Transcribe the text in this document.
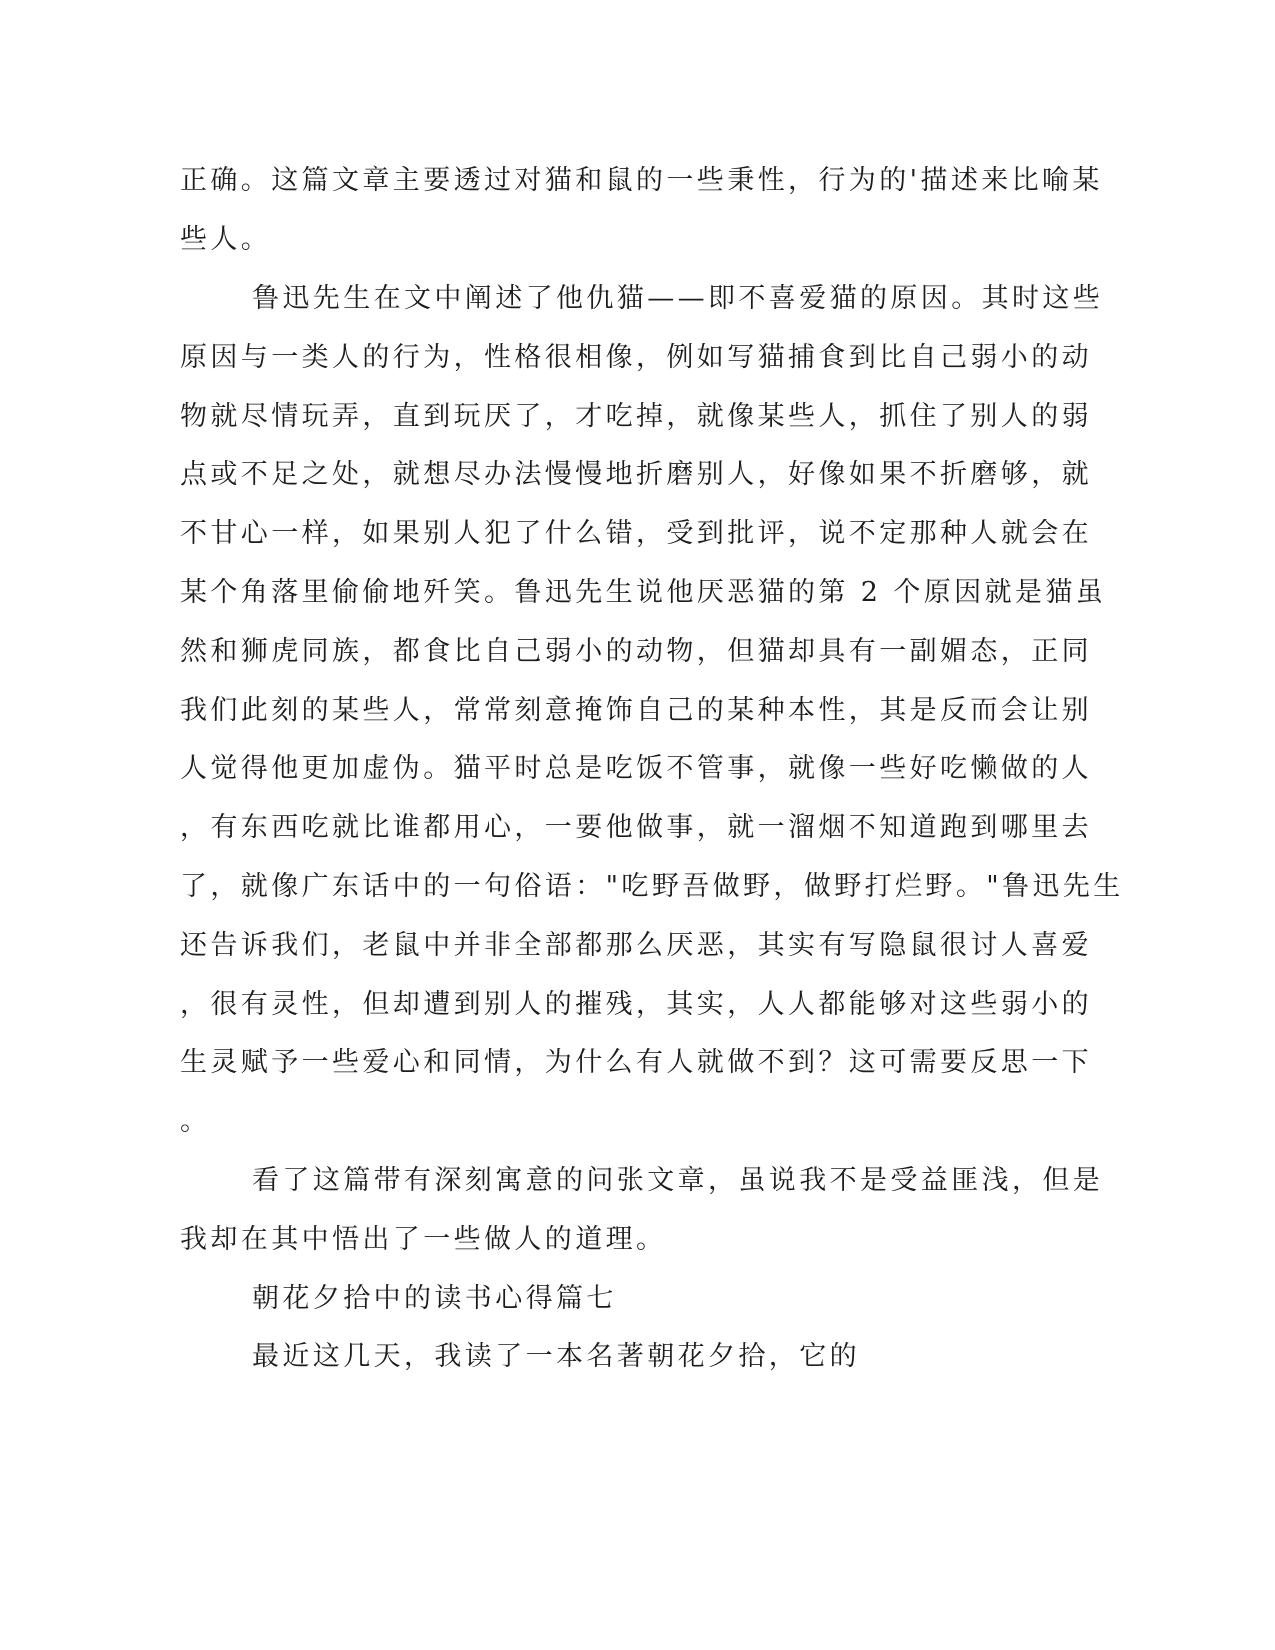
正确。这篇文章主要透过对猫和鼠的一些秉性，行为的'描述来比喻某
些人。
鲁迅先生在文中阐述了他仇猫——即不喜爱猫的原因。其时这些
原因与一类人的行为，性格很相像，例如写猫捕食到比自己弱小的动
物就尽情玩弄，直到玩厌了，才吃掉，就像某些人，抓住了别人的弱
点或不足之处，就想尽办法慢慢地折磨别人，好像如果不折磨够，就
不甘心一样，如果别人犯了什么错，受到批评，说不定那种人就会在
某个角落里偷偷地歼笑。鲁迅先生说他厌恶猫的第 2 个原因就是猫虽
然和狮虎同族，都食比自己弱小的动物，但猫却具有一副媚态，正同
我们此刻的某些人，常常刻意掩饰自己的某种本性，其是反而会让别
人觉得他更加虚伪。猫平时总是吃饭不管事，就像一些好吃懒做的人
，有东西吃就比谁都用心，一要他做事，就一溜烟不知道跑到哪里去
了，就像广东话中的一句俗语："吃野吾做野，做野打烂野。"鲁迅先生
还告诉我们，老鼠中并非全部都那么厌恶，其实有写隐鼠很讨人喜爱
，很有灵性，但却遭到别人的摧残，其实，人人都能够对这些弱小的
生灵赋予一些爱心和同情，为什么有人就做不到？这可需要反思一下
。
看了这篇带有深刻寓意的问张文章，虽说我不是受益匪浅，但是
我却在其中悟出了一些做人的道理。
朝花夕拾中的读书心得篇七
最近这几天，我读了一本名著朝花夕拾，它的
